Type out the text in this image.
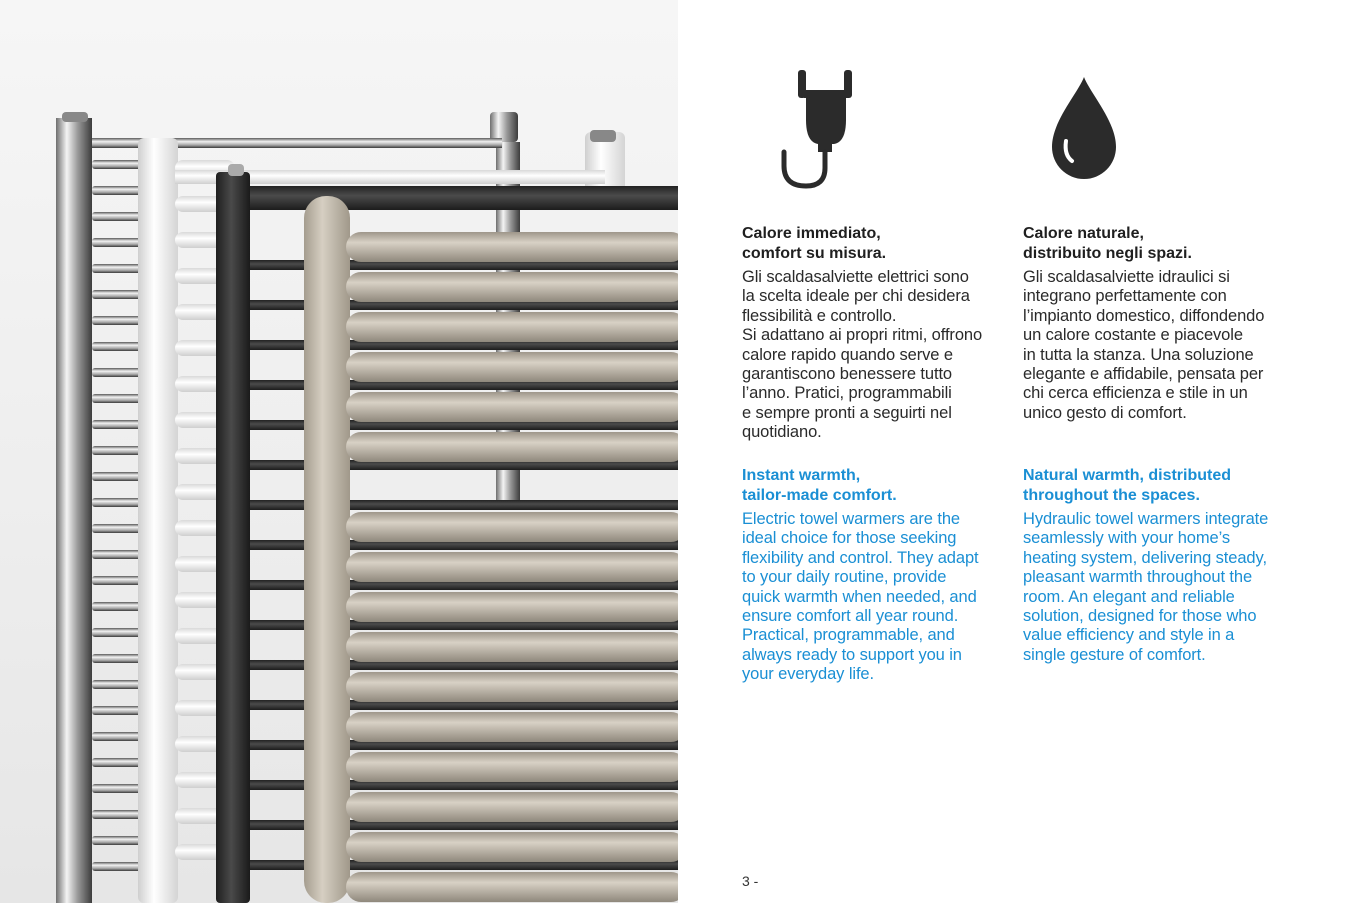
Calore immediato,
comfort su misura.
Gli scaldasalviette elettrici sono
la scelta ideale per chi desidera
flessibilità e controllo.
Si adattano ai propri ritmi, offrono
calore rapido quando serve e
garantiscono benessere tutto
l’anno. Pratici, programmabili
e sempre pronti a seguirti nel
quotidiano.
Instant warmth,
tailor-made comfort.
Electric towel warmers are the
ideal choice for those seeking
flexibility and control. They adapt
to your daily routine, provide
quick warmth when needed, and
ensure comfort all year round.
Practical, programmable, and
always ready to support you in
your everyday life.
Calore naturale,
distribuito negli spazi.
Gli scaldasalviette idraulici si
integrano perfettamente con
l’impianto domestico, diffondendo
un calore costante e piacevole
in tutta la stanza. Una soluzione
elegante e affidabile, pensata per
chi cerca efficienza e stile in un
unico gesto di comfort.
Natural warmth, distributed
throughout the spaces.
Hydraulic towel warmers integrate
seamlessly with your home’s
heating system, delivering steady,
pleasant warmth throughout the
room. An elegant and reliable
solution, designed for those who
value efficiency and style in a
single gesture of comfort.
3 -
